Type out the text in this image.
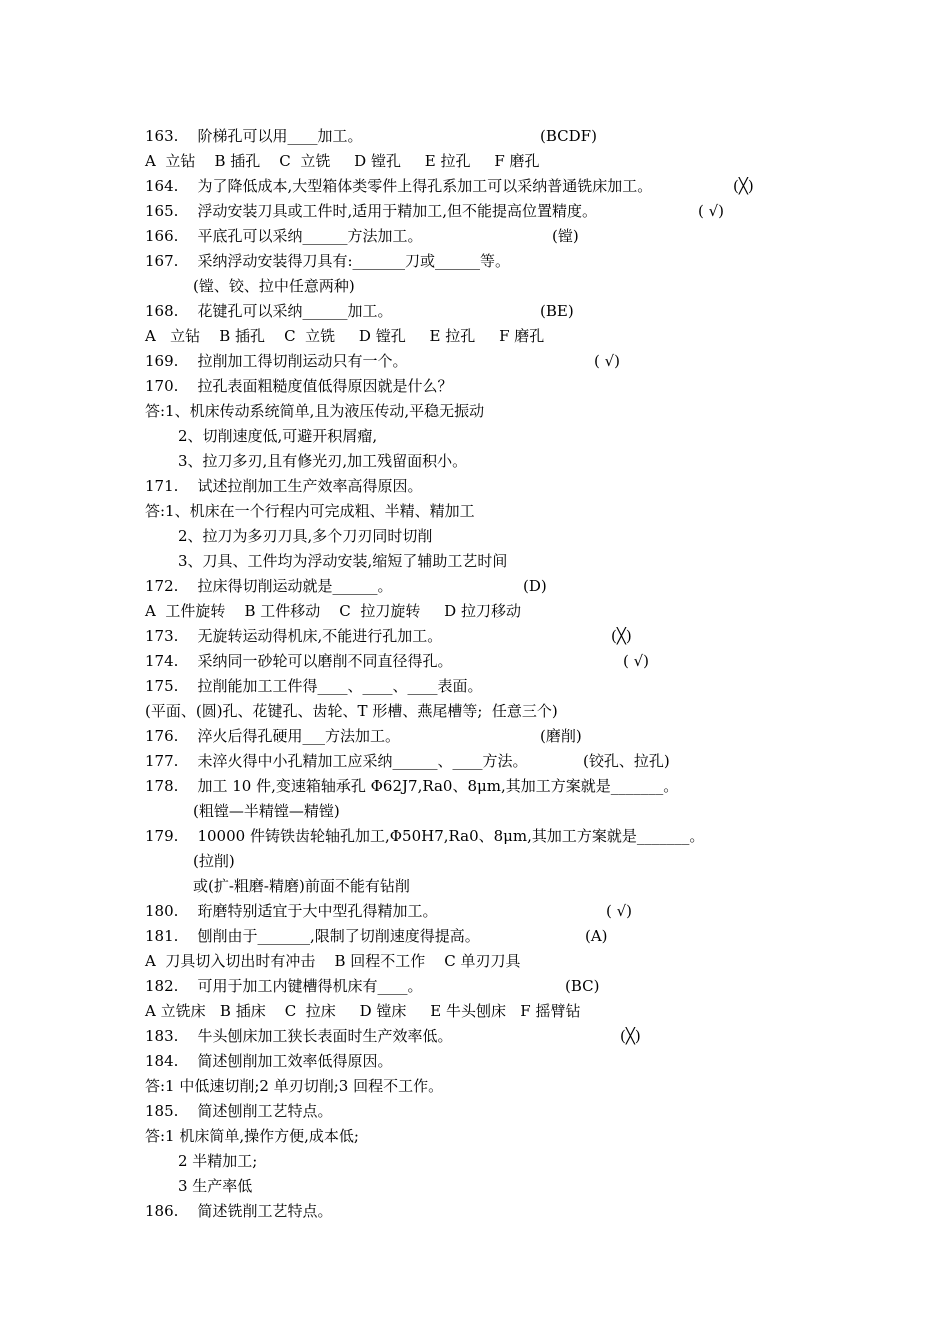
163.    阶梯孔可以用____加工。	(BCDF)
A  立钻    B 插孔    C  立铣     D 镗孔     E 拉孔     F 磨孔
164.    为了降低成本,大型箱体类零件上得孔系加工可以采纳普通铣床加工。	(╳)
165.    浮动安装刀具或工件时,适用于精加工,但不能提高位置精度。	( √)
166.    平底孔可以采纳______方法加工。	(镗)
167.    采纳浮动安装得刀具有:_______刀或______等。
(镗、铰、拉中任意两种)
168.    花键孔可以采纳______加工。	(BE)
A   立钻    B 插孔    C  立铣     D 镗孔     E 拉孔     F 磨孔
169.    拉削加工得切削运动只有一个。	( √)
170.    拉孔表面粗糙度值低得原因就是什么？
答:1、机床传动系统简单,且为液压传动,平稳无振动
2、切削速度低,可避开积屑瘤,
3、拉刀多刃,且有修光刃,加工残留面积小。
171.    试述拉削加工生产效率高得原因。
答:1、机床在一个行程内可完成粗、半精、精加工
2、拉刀为多刃刀具,多个刀刃同时切削
3、刀具、工件均为浮动安装,缩短了辅助工艺时间
172.    拉床得切削运动就是______。	(D)
A  工件旋转    B 工件移动    C  拉刀旋转     D 拉刀移动
173.    无旋转运动得机床,不能进行孔加工。	(╳)
174.    采纳同一砂轮可以磨削不同直径得孔。	( √)
175.    拉削能加工工件得____、____、____表面。
(平面、(圆)孔、花键孔、齿轮、T 形槽、燕尾槽等;  任意三个)
176.    淬火后得孔硬用___方法加工。	(磨削)
177.    未淬火得中小孔精加工应采纳______、____方法。	(铰孔、拉孔)
178.    加工 10 件,变速箱轴承孔 Φ62J7,Ra0、8μm,其加工方案就是_______。
(粗镗—半精镗—精镗)
179.    10000 件铸铁齿轮轴孔加工,Φ50H7,Ra0、8μm,其加工方案就是_______。
(拉削)
或(扩-粗磨-精磨)前面不能有钻削
180.    珩磨特别适宜于大中型孔得精加工。	( √)
181.    刨削由于_______,限制了切削速度得提高。	(A)
A  刀具切入切出时有冲击    B 回程不工作    C 单刃刀具
182.    可用于加工内键槽得机床有____。	(BC)
A 立铣床   B 插床    C  拉床     D 镗床     E 牛头刨床   F 摇臂钻
183.    牛头刨床加工狭长表面时生产效率低。	(╳)
184.    简述刨削加工效率低得原因。
答:1 中低速切削;2 单刃切削;3 回程不工作。
185.    简述刨削工艺特点。
答:1 机床简单,操作方便,成本低;
2 半精加工;
3 生产率低
186.    简述铣削工艺特点。
